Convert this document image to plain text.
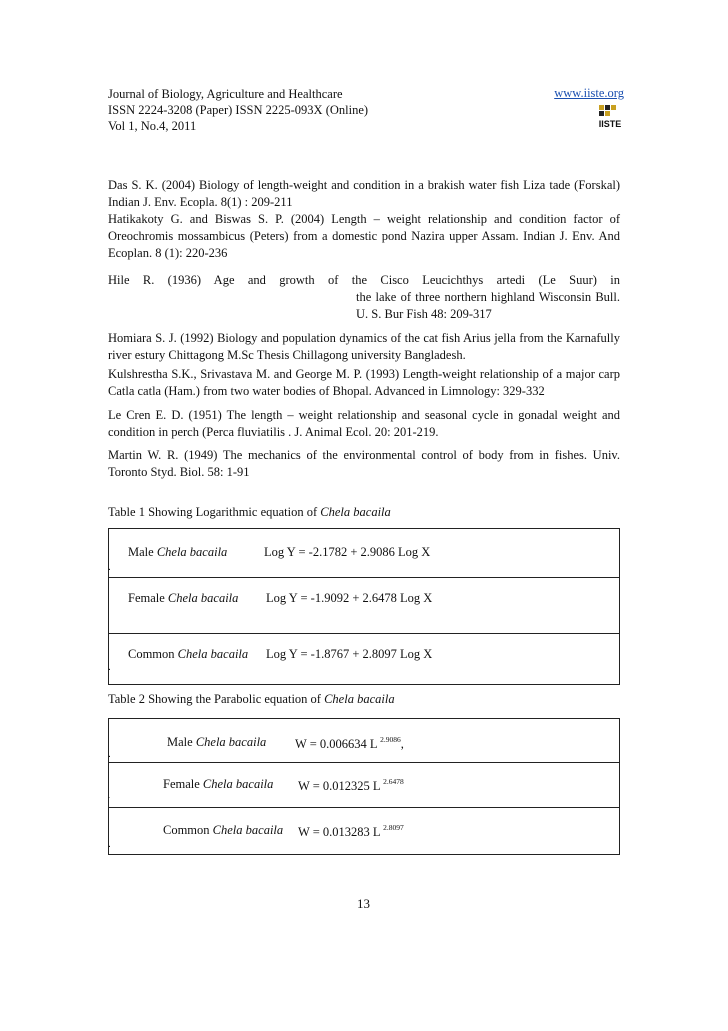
Journal of Biology, Agriculture and Healthcare
ISSN 2224-3208 (Paper) ISSN 2225-093X (Online)
Vol 1, No.4, 2011
www.iiste.org
IISTE

Das S. K. (2004) Biology of length-weight and condition in a brakish water fish Liza tade (Forskal) Indian J. Env. Ecopla. 8(1) : 209-211

Hatikakoty G. and Biswas S. P. (2004) Length – weight relationship and condition factor of Oreochromis mossambicus (Peters) from a domestic pond Nazira upper Assam. Indian J. Env. And Ecoplan. 8 (1): 220-236

Hile R. (1936) Age and growth of the Cisco Leucichthys artedi (Le Suur) in

the lake of three northern highland Wisconsin Bull. U. S. Bur Fish 48: 209-317

Homiara S. J. (1992) Biology and population dynamics of the cat fish Arius jella from the Karnafully river estury Chittagong M.Sc Thesis Chillagong university Bangladesh.

Kulshrestha S.K., Srivastava M. and George M. P. (1993) Length-weight relationship of a major carp Catla catla (Ham.) from two water bodies of Bhopal. Advanced in Limnology: 329-332

Le Cren E. D. (1951) The length – weight relationship and seasonal cycle in gonadal weight and condition in perch (Perca fluviatilis . J. Animal Ecol. 20: 201-219.

Martin W. R. (1949) The mechanics of the environmental control of body from in fishes. Univ. Toronto Styd. Biol. 58: 1-91

Table 1 Showing Logarithmic equation of Chela bacaila
Male Chela bacaila	Log Y = -2.1782 + 2.9086 Log X
.
Female Chela bacaila Log Y = -1.9092 + 2.6478 Log X
Common Chela bacaila Log Y = -1.8767 + 2.8097 Log X
.
Table 2 Showing the Parabolic equation of Chela bacaila
Male Chela bacaila W = 0.006634 L $^{2.9086}$,
.
Female Chela bacaila W = 0.012325 L $^{2.6478}$
.
Common Chela bacaila W = 0.013283 L $^{2.8097}$
.
13
